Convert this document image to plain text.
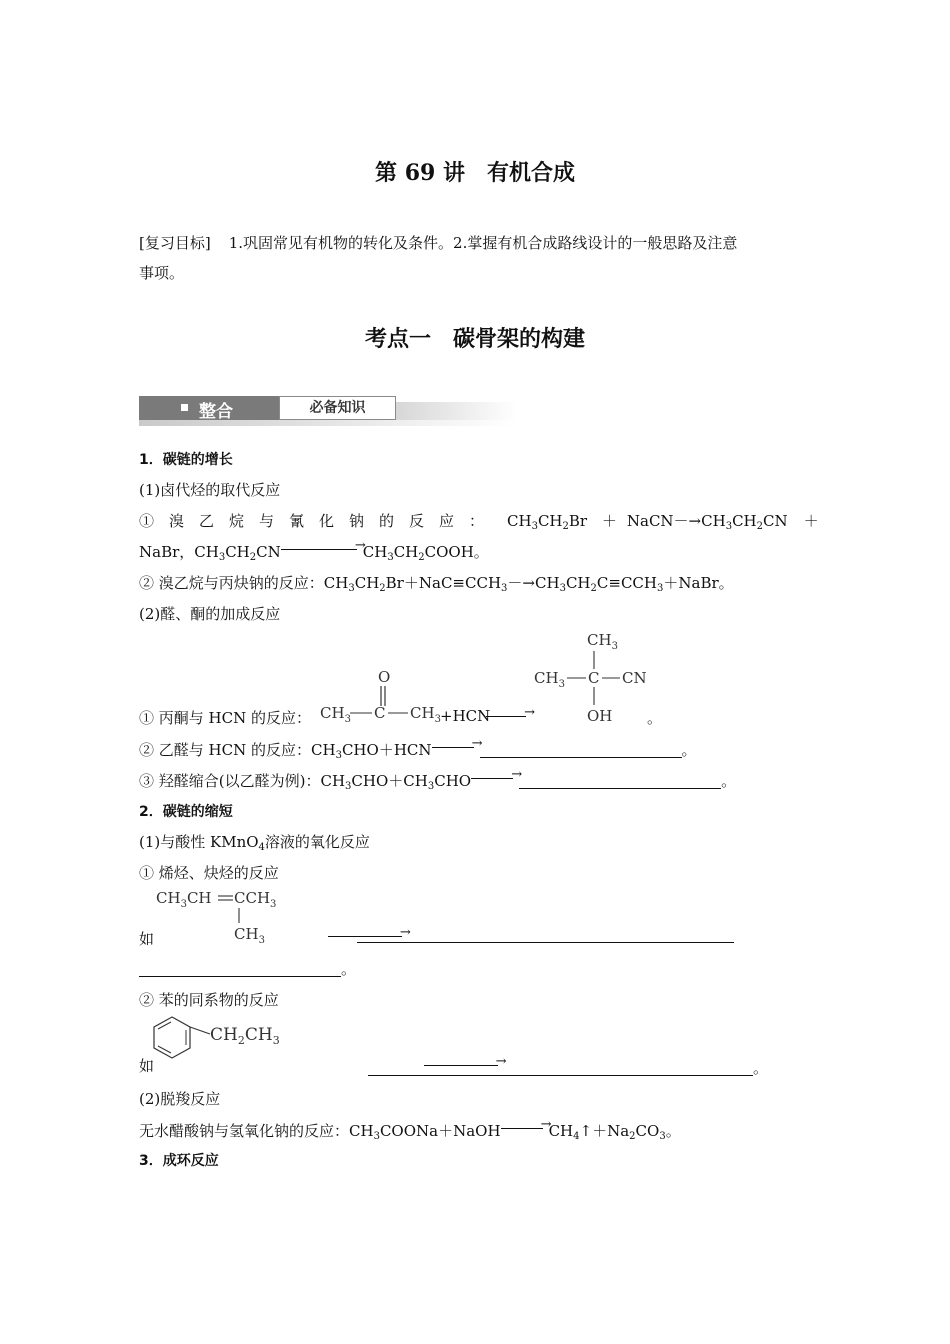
第 69 讲　有机合成
[复习目标] 1.巩固常见有机物的转化及条件。2.掌握有机合成路线设计的一般思路及注意
事项。
考点一　碳骨架的构建
整合	必备知识
1．碳链的增长
(1)卤代烃的取代反应
①　溴　乙　烷　与　氰　化　钠　的　反　应　： $CH_3CH_2Br$ ＋ $NaCN-\to CH_3CH_2CN$ ＋
NaBr，$CH_3CH_2CN$ →	$CH_3CH_2COOH$。
② 溴乙烷与丙炔钠的反应：$CH_3CH_2Br+NaC\equiv CCH_3-\to CH_3CH_2C\equiv CCH_3+NaBr$。
(2)醛、酮的加成反应
① 丙酮与 HCN 的反应：
O
$CH_3$ C $CH_3 +HCN$
→
$CH_3$
$CH_3$ C CN
OH 。
② 乙醛与 HCN 的反应：$CH_3CHO+HCN$ →	。
③ 羟醛缩合(以乙醛为例)：$CH_3CHO+CH_3CHO$ →	。
2．碳链的缩短
(1)与酸性 KMnO$_4$溶液的氧化反应
① 烯烃、炔烃的反应
$CH_3CH$ $CCH_3$
$CH_3$
如
→
。
② 苯的同系物的反应
$CH_2CH_3$
如 →	。
(2)脱羧反应
无水醋酸钠与氢氧化钠的反应：$CH_3COONa+NaOH$ →	$CH_4↑+Na_2CO_3$。
3．成环反应
